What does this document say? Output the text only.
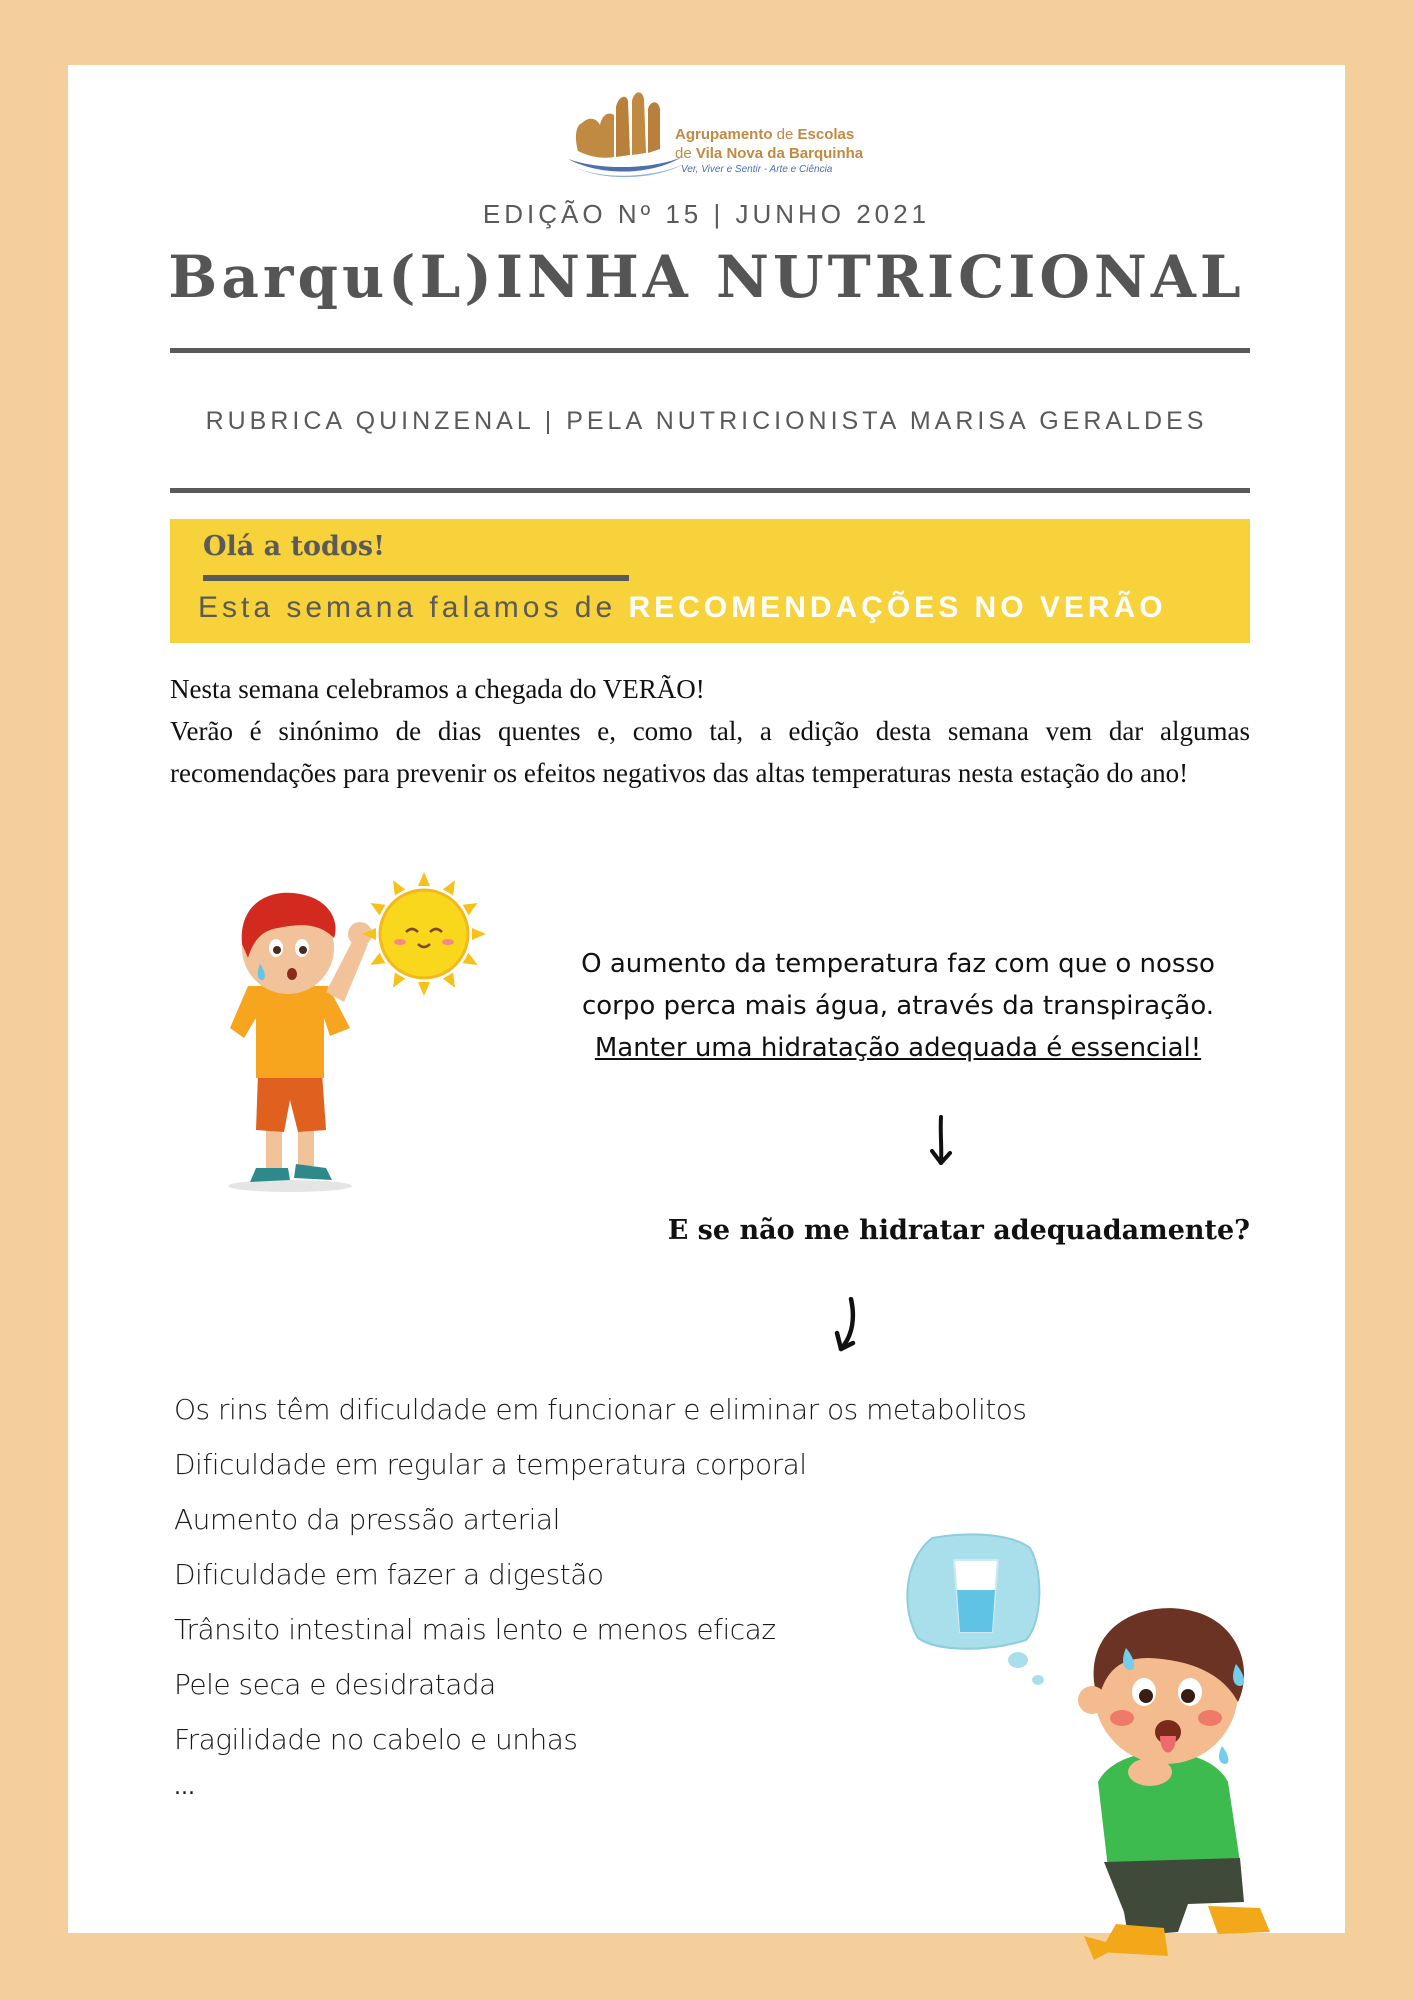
Agrupamento de Escolas
de Vila Nova da Barquinha
Ver, Viver e Sentir - Arte e Ciência
EDIÇÃO Nº 15 | JUNHO 2021
Barqu(L)INHA NUTRICIONAL
RUBRICA QUINZENAL | PELA NUTRICIONISTA MARISA GERALDES
Olá a todos!
Esta semana falamos de RECOMENDAÇÕES NO VERÃO

Nesta semana celebramos a chegada do VERÃO!

Verão é sinónimo de dias quentes e, como tal, a edição desta semana vem dar algumas recomendações para prevenir os efeitos negativos das altas temperaturas nesta estação do ano!

O aumento da temperatura faz com que o nosso

corpo perca mais água, através da transpiração.

Manter uma hidratação adequada é essencial!

E se não me hidratar adequadamente?
Os rins têm dificuldade em funcionar e eliminar os metabolitos
Dificuldade em regular a temperatura corporal
Aumento da pressão arterial
Dificuldade em fazer a digestão
Trânsito intestinal mais lento e menos eficaz
Pele seca e desidratada
Fragilidade no cabelo e unhas
...
